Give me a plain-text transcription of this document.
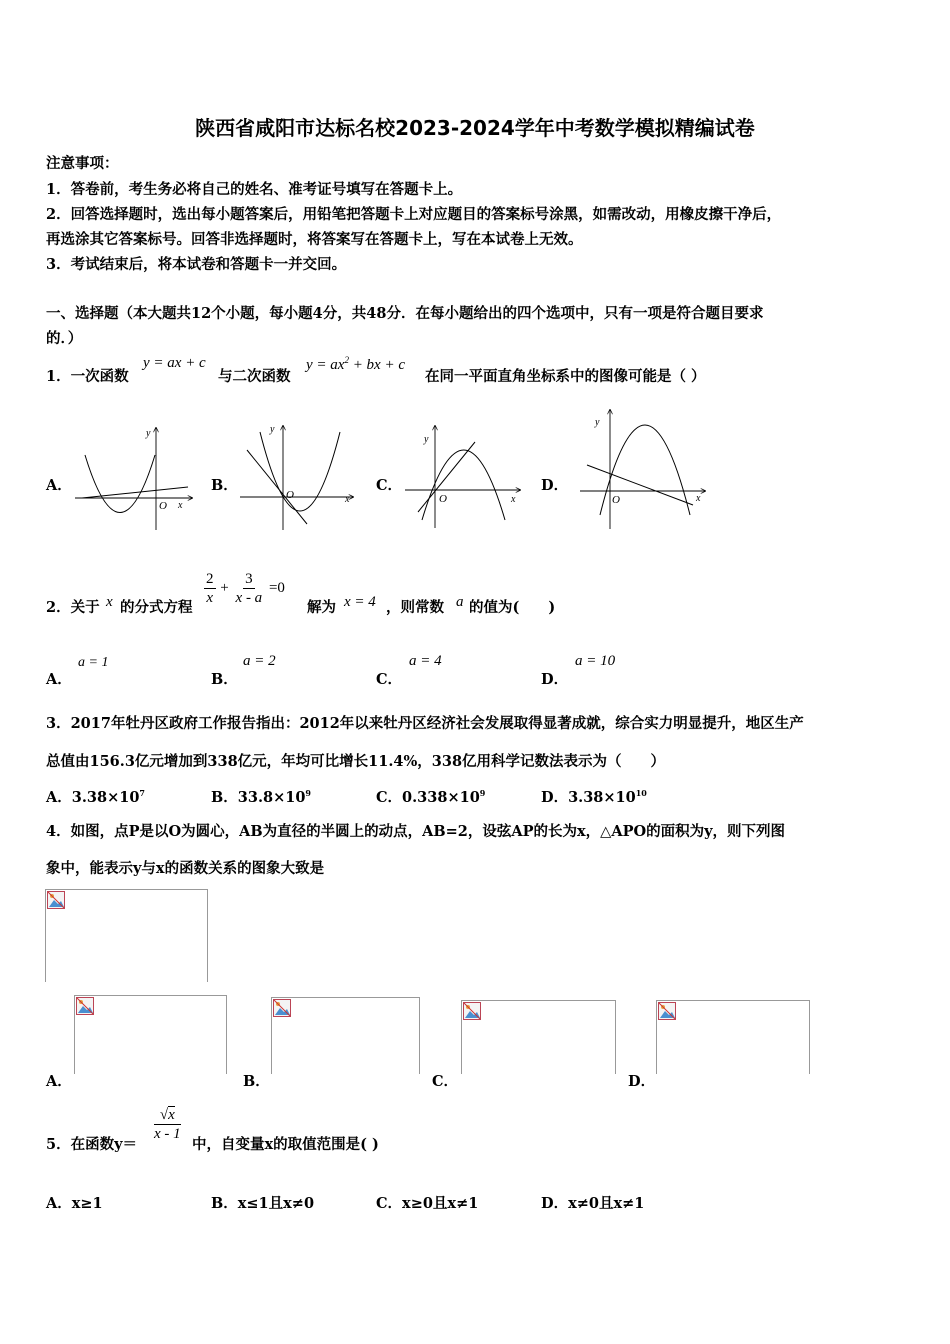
陕西省咸阳市达标名校2023-2024学年中考数学模拟精编试卷
注意事项：
1．答卷前，考生务必将自己的姓名、准考证号填写在答题卡上。
2．回答选择题时，选出每小题答案后，用铅笔把答题卡上对应题目的答案标号涂黑，如需改动，用橡皮擦干净后，
再选涂其它答案标号。回答非选择题时，将答案写在答题卡上，写在本试卷上无效。
3．考试结束后，将本试卷和答题卡一并交回。
一、选择题（本大题共12个小题，每小题4分，共48分．在每小题给出的四个选项中，只有一项是符合题目要求
的．）
1．一次函数
y = ax + c
与二次函数
$y = ax^2$ + bx + c
在同一平面直角坐标系中的图像可能是（ ）
A．	B．	C．	D．
y
x
O
y
x
O
y
x
O
y
x
O
2．关于 x 的分式方程
$\frac{2}{x} + \frac{3}{x - a} =0$
解为 x = 4 ，则常数 a 的值为(　　)
A．
a = 1
B．
a = 2
C．
a = 4
D．
a = 10
3．2017年牡丹区政府工作报告指出：2012年以来牡丹区经济社会发展取得显著成就，综合实力明显提升，地区生产
总值由156.3亿元增加到338亿元，年均可比增长11.4%，338亿用科学记数法表示为（　　）
A．$3.38\times 10^7$	B．$33.8\times 10^9$	C．$0.338\times 10^9$	D．$3.38\times 10^{10}$
4．如图，点P是以O为圆心，AB为直径的半圆上的动点，AB=2，设弦AP的长为x，△APO的面积为y，则下列图
象中，能表示y与x的函数关系的图象大致是
A．	B．	C．	D．
5．在函数y＝
$\frac{√x}{x - 1}$
中，自变量x的取值范围是( )
A．x≥1	B．x≤1且x≠0	C．x≥0且x≠1	D．x≠0且x≠1
